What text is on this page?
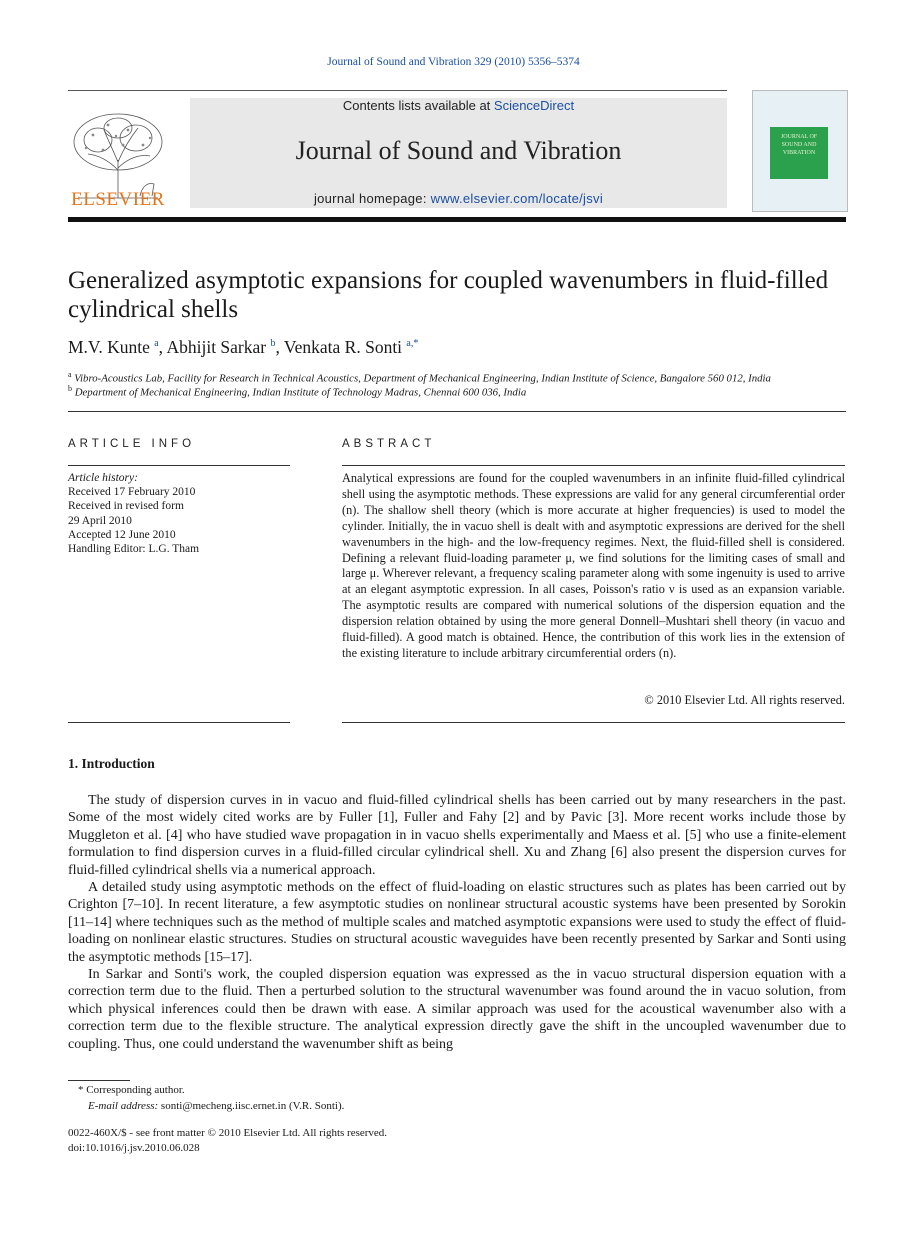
Journal of Sound and Vibration 329 (2010) 5356–5374
ELSEVIER
Contents lists available at ScienceDirect
Journal of Sound and Vibration
journal homepage: www.elsevier.com/locate/jsvi
JOURNAL OF SOUND AND VIBRATION
Generalized asymptotic expansions for coupled wavenumbers in fluid-filled cylindrical shells
M.V. Kunte $^a$, Abhijit Sarkar $^b$, Venkata R. Sonti $^{a,*}$
$^a$ Vibro-Acoustics Lab, Facility for Research in Technical Acoustics, Department of Mechanical Engineering, Indian Institute of Science, Bangalore 560 012, India
$^b$ Department of Mechanical Engineering, Indian Institute of Technology Madras, Chennai 600 036, India
ARTICLE INFO
Article history:
Received 17 February 2010
Received in revised form
29 April 2010
Accepted 12 June 2010
Handling Editor: L.G. Tham
ABSTRACT
Analytical expressions are found for the coupled wavenumbers in an infinite fluid-filled cylindrical shell using the asymptotic methods. These expressions are valid for any general circumferential order (n). The shallow shell theory (which is more accurate at higher frequencies) is used to model the cylinder. Initially, the in vacuo shell is dealt with and asymptotic expressions are derived for the shell wavenumbers in the high- and the low-frequency regimes. Next, the fluid-filled shell is considered. Defining a relevant fluid-loading parameter μ, we find solutions for the limiting cases of small and large μ. Wherever relevant, a frequency scaling parameter along with some ingenuity is used to arrive at an elegant asymptotic expression. In all cases, Poisson's ratio ν is used as an expansion variable. The asymptotic results are compared with numerical solutions of the dispersion equation and the dispersion relation obtained by using the more general Donnell–Mushtari shell theory (in vacuo and fluid-filled). A good match is obtained. Hence, the contribution of this work lies in the extension of the existing literature to include arbitrary circumferential orders (n).
© 2010 Elsevier Ltd. All rights reserved.
1. Introduction

The study of dispersion curves in in vacuo and fluid-filled cylindrical shells has been carried out by many researchers in the past. Some of the most widely cited works are by Fuller [1], Fuller and Fahy [2] and by Pavic [3]. More recent works include those by Muggleton et al. [4] who have studied wave propagation in in vacuo shells experimentally and Maess et al. [5] who use a finite-element formulation to find dispersion curves in a fluid-filled circular cylindrical shell. Xu and Zhang [6] also present the dispersion curves for fluid-filled cylindrical shells via a numerical approach.

A detailed study using asymptotic methods on the effect of fluid-loading on elastic structures such as plates has been carried out by Crighton [7–10]. In recent literature, a few asymptotic studies on nonlinear structural acoustic systems have been presented by Sorokin [11–14] where techniques such as the method of multiple scales and matched asymptotic expansions were used to study the effect of fluid-loading on nonlinear elastic structures. Studies on structural acoustic waveguides have been recently presented by Sarkar and Sonti using the asymptotic methods [15–17].

In Sarkar and Sonti's work, the coupled dispersion equation was expressed as the in vacuo structural dispersion equation with a correction term due to the fluid. Then a perturbed solution to the structural wavenumber was found around the in vacuo solution, from which physical inferences could then be drawn with ease. A similar approach was used for the acoustical wavenumber also with a correction term due to the flexible structure. The analytical expression directly gave the shift in the uncoupled wavenumber due to coupling. Thus, one could understand the wavenumber shift as being

* Corresponding author.
E-mail address: sonti@mecheng.iisc.ernet.in (V.R. Sonti).
0022-460X/$ - see front matter © 2010 Elsevier Ltd. All rights reserved.
doi:10.1016/j.jsv.2010.06.028
